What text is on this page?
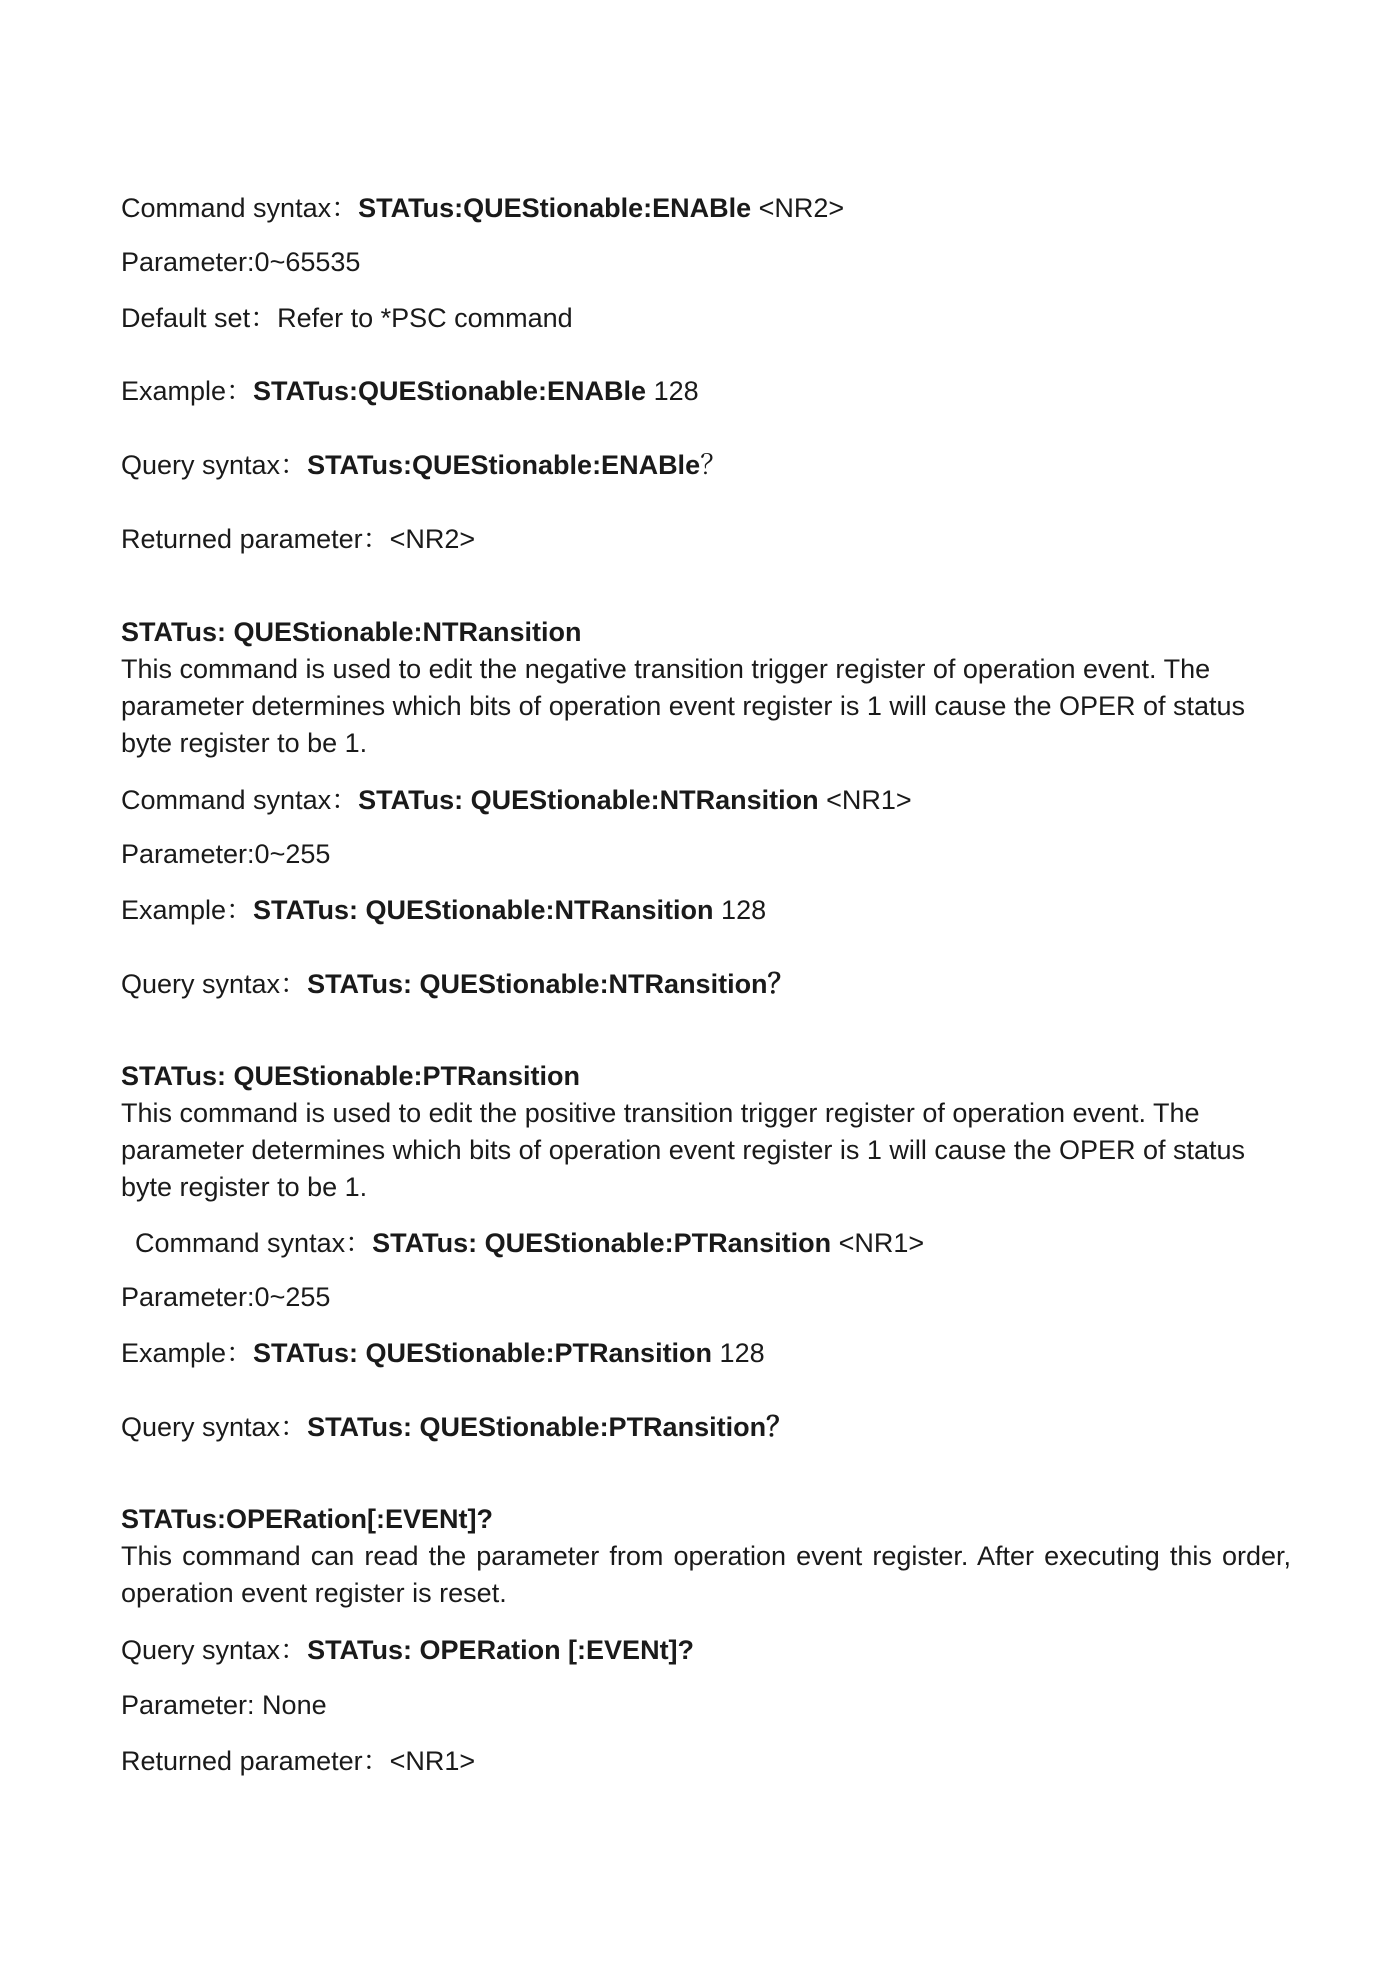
Command syntax：STATus:QUEStionable:ENABle <NR2>
Parameter:0~65535
Default set：Refer to *PSC command
Example：STATus:QUEStionable:ENABle 128
Query syntax：STATus:QUEStionable:ENABle？
Returned parameter：<NR2>
STATus: QUEStionable:NTRansition
This command is used to edit the negative transition trigger register of operation event. The parameter determines which bits of operation event register is 1 will cause the OPER of status byte register to be 1.
Command syntax：STATus: QUEStionable:NTRansition <NR1>
Parameter:0~255
Example：STATus: QUEStionable:NTRansition 128
Query syntax：STATus: QUEStionable:NTRansition？
STATus: QUEStionable:PTRansition
This command is used to edit the positive transition trigger register of operation event. The parameter determines which bits of operation event register is 1 will cause the OPER of status byte register to be 1.
Command syntax：STATus: QUEStionable:PTRansition <NR1>
Parameter:0~255
Example：STATus: QUEStionable:PTRansition 128
Query syntax：STATus: QUEStionable:PTRansition？
STATus:OPERation[:EVENt]?
This command can read the parameter from operation event register. After executing this order, operation event register is reset.
Query syntax：STATus: OPERation [:EVENt]?
Parameter: None
Returned parameter：<NR1>
